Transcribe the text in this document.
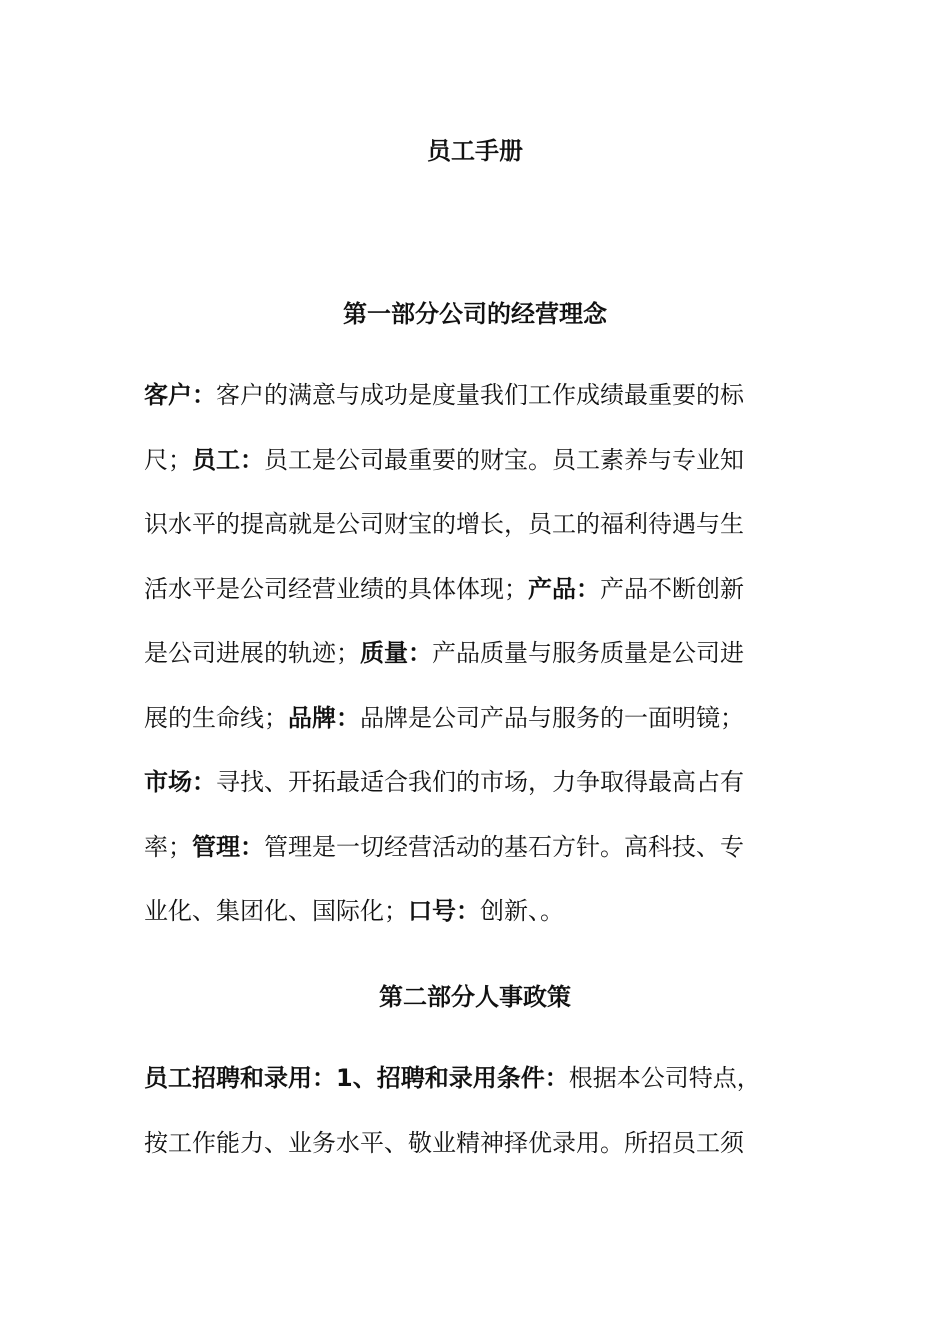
员工手册
第一部分公司的经营理念
客户：客户的满意与成功是度量我们工作成绩最重要的标
尺；员工：员工是公司最重要的财宝。员工素养与专业知
识水平的提高就是公司财宝的增长，员工的福利待遇与生
活水平是公司经营业绩的具体体现；产品：产品不断创新
是公司进展的轨迹；质量：产品质量与服务质量是公司进
展的生命线；品牌：品牌是公司产品与服务的一面明镜；
市场：寻找、开拓最适合我们的市场，力争取得最高占有
率；管理：管理是一切经营活动的基石方针。高科技、专
业化、集团化、国际化；口号：创新、。
第二部分人事政策
员工招聘和录用：1、招聘和录用条件：根据本公司特点，
按工作能力、业务水平、敬业精神择优录用。所招员工须
